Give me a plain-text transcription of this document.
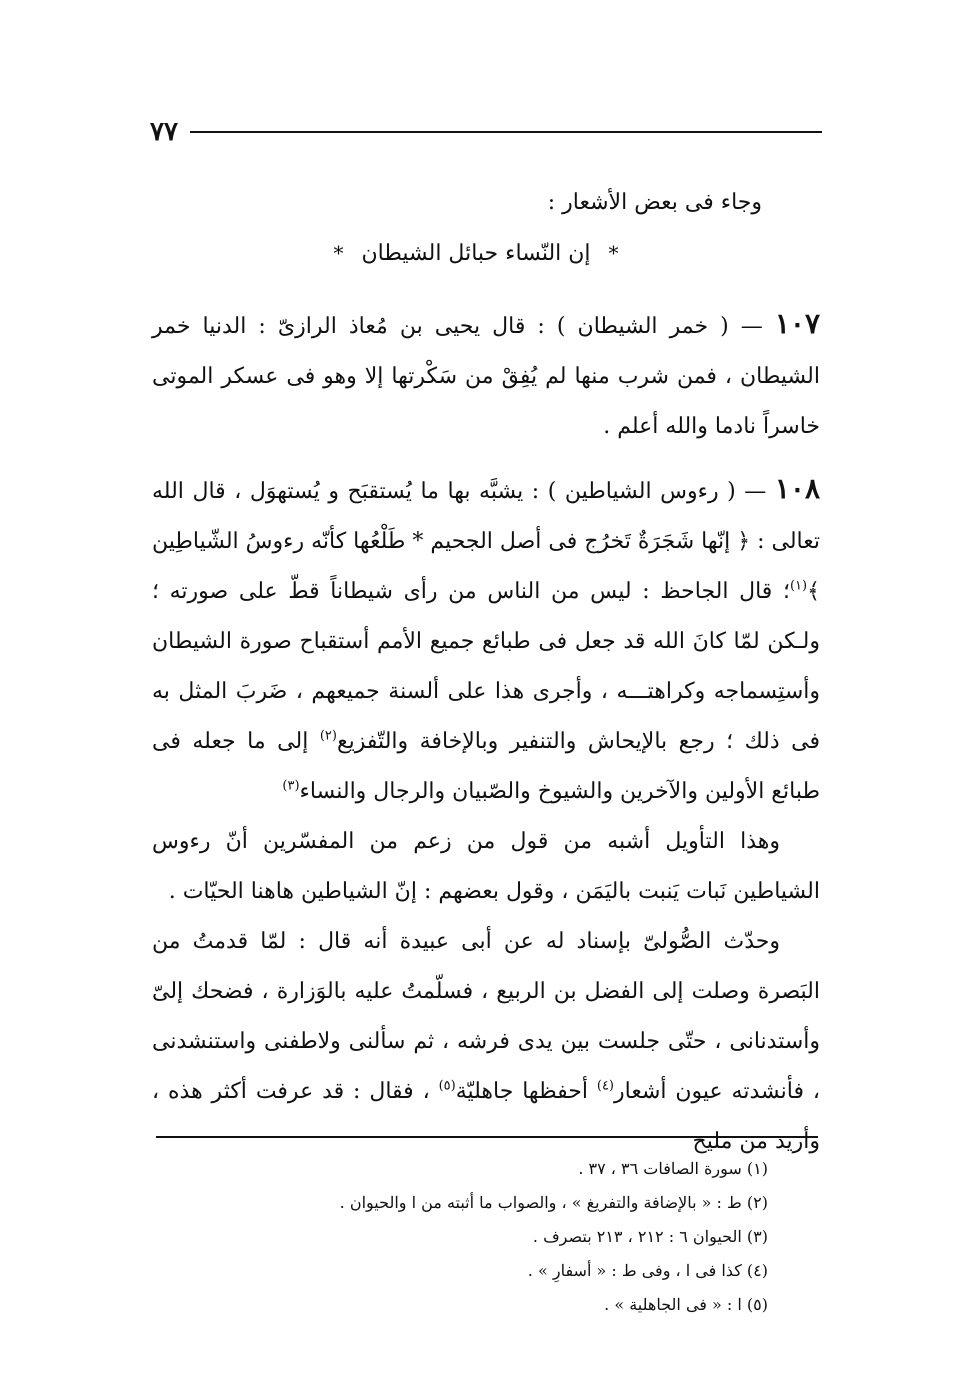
٧٧

وجاء فى بعض الأشعار :

*إن النّساء حبائل الشيطان*

١٠٧ — ( خمر الشيطان ) : قال يحيى بن مُعاذ الرازىّ : الدنيا خمر الشيطان ، فمن شرب منها لم يُفِقْ من سَكْرتها إلا وهو فى عسكر الموتى خاسراً نادما والله أعلم .

١٠٨ — ( رءوس الشياطين ) : يشبَّه بها ما يُستقبَح و يُستهوَل ، قال الله تعالى : ﴿ إنّها شَجَرَةٌ تَخرُج فى أصل الجحيم * طَلْعُها كأنّه رءوسُ الشّياطِين ﴾$^{(١)}$؛ قال الجاحظ : ليس من الناس من رأى شيطاناً قطّ على صورته ؛ ولـكن لمّا كانَ الله قد جعل فى طبائع جميع الأمم أستقباح صورة الشيطان وأستِسماجه وكراهتـــه ، وأجرى هذا على ألسنة جميعهم ، ضَربَ المثل به فى ذلك ؛ رجع بالإيحاش والتنفير وبالإخافة والتّفزيع$^{(٢)}$ إلى ما جعله فى طبائع الأولين والآخرين والشيوخ والصّبيان والرجال والنساء$^{(٣)}$

وهذا التأويل أشبه من قول من زعم من المفسّرين أنّ رءوس الشياطين نَبات يَنبت باليَمَن ، وقول بعضهم : إنّ الشياطين هاهنا الحيّات .

وحدّث الصُّولىّ بإسناد له عن أبى عبيدة أنه قال : لمّا قدمتُ من البَصرة وصلت إلى الفضل بن الربيع ، فسلّمتُ عليه بالوَزارة ، فضحك إلىّ وأستدنانى ، حتّى جلست بين يدى فرشه ، ثم سألنى ولاطفنى واستنشدنى ، فأنشدته عيون أشعار$^{(٤)}$ أحفظها جاهليّة$^{(٥)}$ ، فقال : قد عرفت أكثر هذه ، وأريد من مليح

(١) سورة الصافات ٣٦ ، ٣٧ .

(٢) ط : « بالإضافة والتفريغ » ، والصواب ما أثبته من ا والحيوان .

(٣) الحيوان ٦ : ٢١٢ ، ٢١٣ بتصرف .

(٤) كذا فى ا ، وفى ط : « أسفارِ » .

(٥) ا : « فى الجاهلية » .
